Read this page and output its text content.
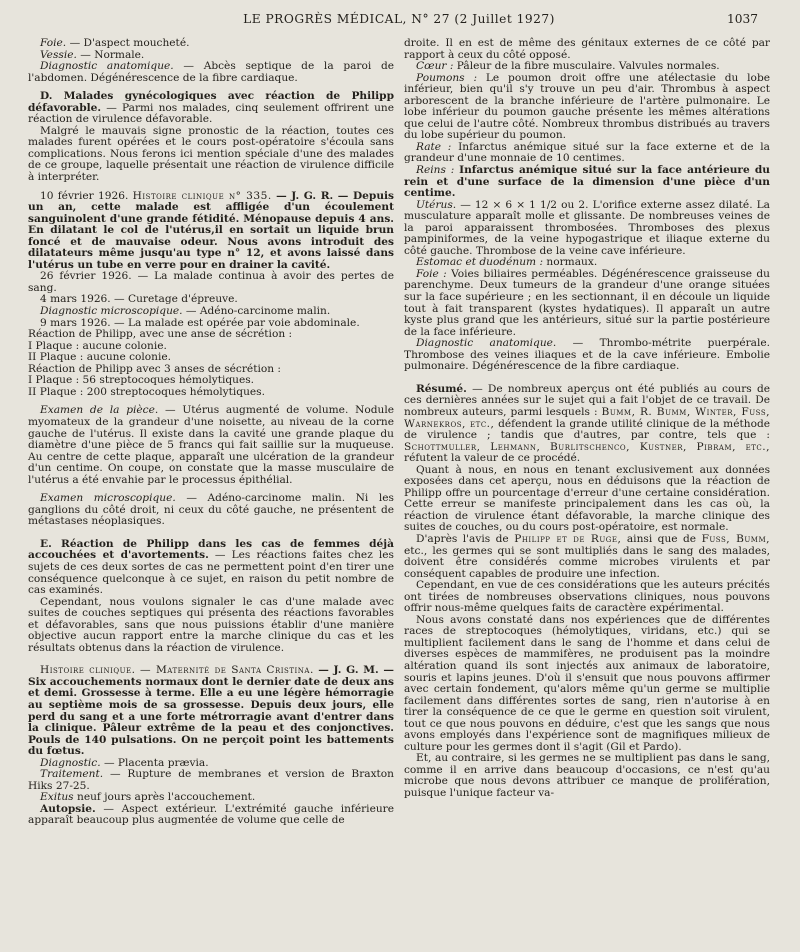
LE PROGRÈS MÉDICAL, N° 27 (2 Juillet 1927)	1037

Foie. — D'aspect moucheté.

Vessie. — Normale.

Diagnostic anatomique. — Abcès septique de la paroi de l'abdomen. Dégénérescence de la fibre cardiaque.

D. Malades gynécologiques avec réaction de Philipp défavorable. — Parmi nos malades, cinq seulement offrirent une réaction de virulence défavorable.

Malgré le mauvais signe pronostic de la réaction, toutes ces malades furent opérées et le cours post-opératoire s'écoula sans complications. Nous ferons ici mention spéciale d'une des malades de ce groupe, laquelle présentait une réaction de virulence difficile à interpréter.

10 février 1926. Histoire clinique n° 335. — J. G. R. — Depuis un an, cette malade est affligée d'un écoulement sanguinolent d'une grande fétidité. Ménopause depuis 4 ans. En dilatant le col de l'utérus,il en sortait un liquide brun foncé et de mauvaise odeur. Nous avons introduit des dilatateurs même jusqu'au type n° 12, et avons laissé dans l'utérus un tube en verre pour en drainer la cavité.

26 février 1926. — La malade continua à avoir des pertes de sang.

4 mars 1926. — Curetage d'épreuve.

Diagnostic microscopique. — Adéno-carcinome malin.

9 mars 1926. — La malade est opérée par voie abdominale.

Réaction de Philipp, avec une anse de sécrétion :

I Plaque : aucune colonie.

II Plaque : aucune colonie.

Réaction de Philipp avec 3 anses de sécrétion :

I Plaque : 56 streptocoques hémolytiques.

II Plaque : 200 streptocoques hémolytiques.

Examen de la pièce. — Utérus augmenté de volume. Nodule myomateux de la grandeur d'une noisette, au niveau de la corne gauche de l'utérus. Il existe dans la cavité une grande plaque du diamètre d'une pièce de 5 francs qui fait saillie sur la muqueuse. Au centre de cette plaque, apparaît une ulcération de la grandeur d'un centime. On coupe, on constate que la masse musculaire de l'utérus a été envahie par le processus épithélial.

Examen microscopique. — Adéno-carcinome malin. Ni les ganglions du côté droit, ni ceux du côté gauche, ne présentent de métastases néoplasiques.

E. Réaction de Philipp dans les cas de femmes déjà accouchées et d'avortements. — Les réactions faites chez les sujets de ces deux sortes de cas ne permettent point d'en tirer une conséquence quelconque à ce sujet, en raison du petit nombre de cas examinés.

Cependant, nous voulons signaler le cas d'une malade avec suites de couches septiques qui présenta des réactions favorables et défavorables, sans que nous puissions établir d'une manière objective aucun rapport entre la marche clinique du cas et les résultats obtenus dans la réaction de virulence.

Histoire clinique. — Maternité de Santa Cristina. — J. G. M. — Six accouchements normaux dont le dernier date de deux ans et demi. Grossesse à terme. Elle a eu une légère hémorragie au septième mois de sa grossesse. Depuis deux jours, elle perd du sang et a une forte métrorragie avant d'entrer dans la clinique. Pâleur extrême de la peau et des conjonctives. Pouls de 140 pulsations. On ne perçoit point les battements du fœtus.

Diagnostic. — Placenta prævia.

Traitement. — Rupture de membranes et version de Braxton Hiks 27-25.

Exitus neuf jours après l'accouchement.

Autopsie. — Aspect extérieur. L'extrémité gauche inférieure apparaît beaucoup plus augmentée de volume que celle de

droite. Il en est de même des génitaux externes de ce côté par rapport à ceux du côté opposé.

Cœur : Pâleur de la fibre musculaire. Valvules normales.

Poumons : Le poumon droit offre une atélectasie du lobe inférieur, bien qu'il s'y trouve un peu d'air. Thrombus à aspect arborescent de la branche inférieure de l'artère pulmonaire. Le lobe inférieur du poumon gauche présente les mêmes altérations que celui de l'autre côté. Nombreux thrombus distribués au travers du lobe supérieur du poumon.

Rate : Infarctus anémique situé sur la face externe et de la grandeur d'une monnaie de 10 centimes.

Reins : Infarctus anémique situé sur la face antérieure du rein et d'une surface de la dimension d'une pièce d'un centime.

Utérus. — 12 × 6 × 1 1/2 ou 2. L'orifice externe assez dilaté. La musculature apparaît molle et glissante. De nombreuses veines de la paroi apparaissent thrombosées. Thromboses des plexus pampiniformes, de la veine hypogastrique et iliaque externe du côté gauche. Thrombose de la veine cave inférieure.

Estomac et duodénum : normaux.

Foie : Voies biliaires perméables. Dégénérescence graisseuse du parenchyme. Deux tumeurs de la grandeur d'une orange situées sur la face supérieure ; en les sectionnant, il en découle un liquide tout à fait transparent (kystes hydatiques). Il apparaît un autre kyste plus grand que les antérieurs, situé sur la partie postérieure de la face inférieure.

Diagnostic anatomique. — Thrombo-métrite puerpérale. Thrombose des veines iliaques et de la cave inférieure. Embolie pulmonaire. Dégénérescence de la fibre cardiaque.

Résumé. — De nombreux aperçus ont été publiés au cours de ces dernières années sur le sujet qui a fait l'objet de ce travail. De nombreux auteurs, parmi lesquels : Bumm, R. Bumm, Winter, Fuss, Warnekros, etc., défendent la grande utilité clinique de la méthode de virulence ; tandis que d'autres, par contre, tels que : Schottmuller, Lehmann, Burlitschenco, Kustner, Pibram, etc., réfutent la valeur de ce procédé.

Quant à nous, en nous en tenant exclusivement aux données exposées dans cet aperçu, nous en déduisons que la réaction de Philipp offre un pourcentage d'erreur d'une certaine considération. Cette erreur se manifeste principalement dans les cas où, la réaction de virulence étant défavorable, la marche clinique des suites de couches, ou du cours post-opératoire, est normale.

D'après l'avis de Philipp et de Ruge, ainsi que de Fuss, Bumm, etc., les germes qui se sont multipliés dans le sang des malades, doivent être considérés comme microbes virulents et par conséquent capables de produire une infection.

Cependant, en vue de ces considérations que les auteurs précités ont tirées de nombreuses observations cliniques, nous pouvons offrir nous-même quelques faits de caractère expérimental.

Nous avons constaté dans nos expériences que de différentes races de streptocoques (hémolytiques, viridans, etc.) qui se multiplient facilement dans le sang de l'homme et dans celui de diverses espèces de mammifères, ne produisent pas la moindre altération quand ils sont injectés aux animaux de laboratoire, souris et lapins jeunes. D'où il s'ensuit que nous pouvons affirmer avec certain fondement, qu'alors même qu'un germe se multiplie facilement dans différentes sortes de sang, rien n'autorise à en tirer la conséquence de ce que le germe en question soit virulent, tout ce que nous pouvons en déduire, c'est que les sangs que nous avons employés dans l'expérience sont de magnifiques milieux de culture pour les germes dont il s'agit (Gil et Pardo).

Et, au contraire, si les germes ne se multiplient pas dans le sang, comme il en arrive dans beaucoup d'occasions, ce n'est qu'au microbe que nous devons attribuer ce manque de prolifération, puisque l'unique facteur va-
